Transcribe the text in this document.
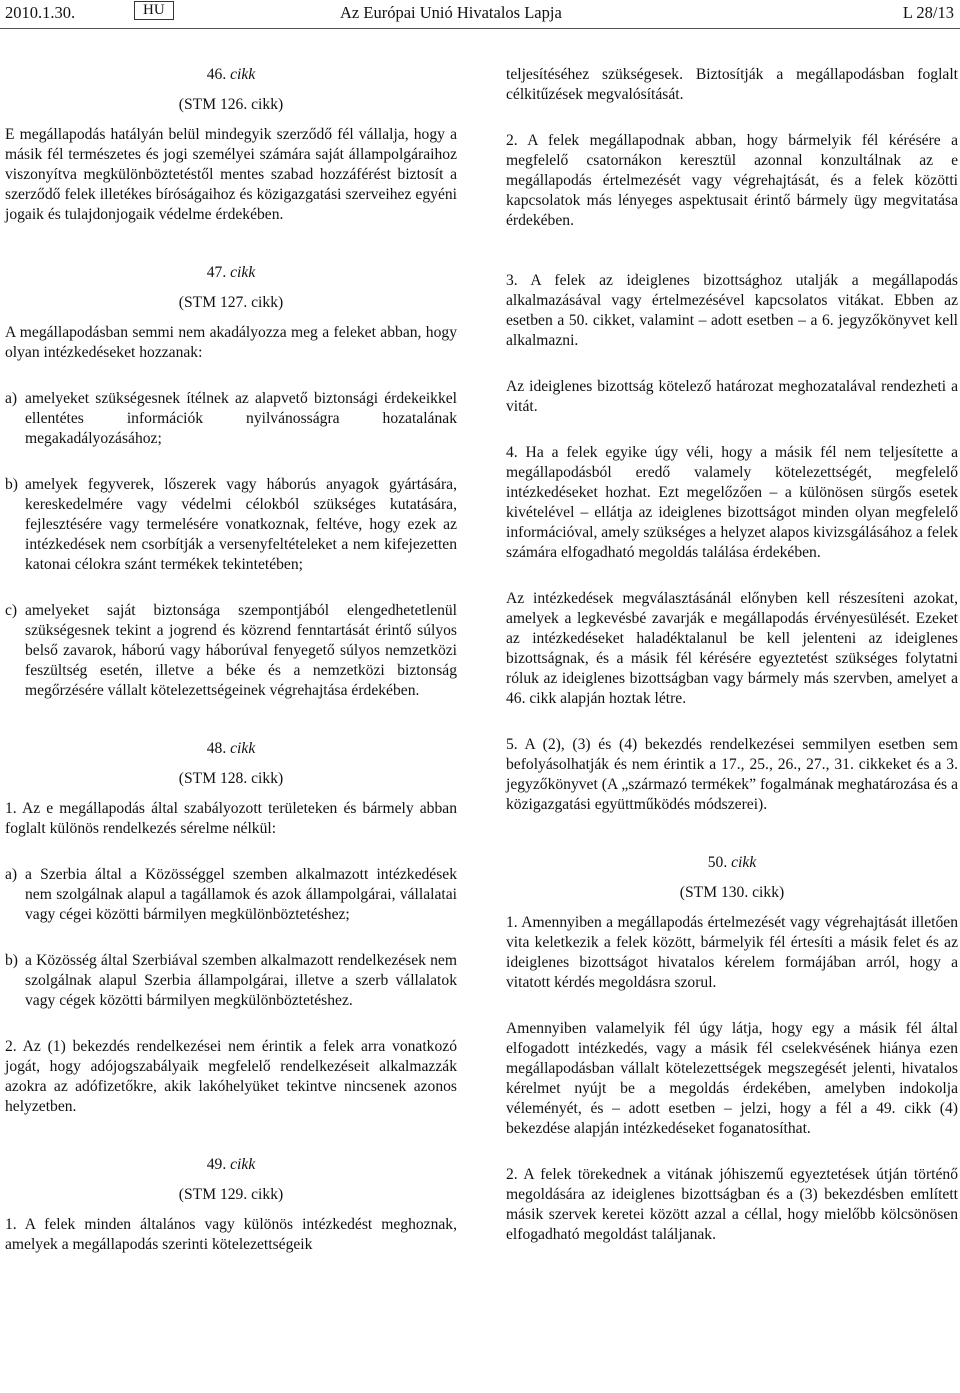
2010.1.30.	HU	Az Európai Unió Hivatalos Lapja	L 28/13

46. cikk

(STM 126. cikk)

E megállapodás hatályán belül mindegyik szerződő fél vállalja, hogy a másik fél természetes és jogi személyei számára saját állampolgáraihoz viszonyítva megkülönböztetéstől mentes szabad hozzáférést biztosít a szerződő felek illetékes bíróságaihoz és közigazgatási szerveihez egyéni jogaik és tulajdonjogaik védelme érdekében.

47. cikk

(STM 127. cikk)

A megállapodásban semmi nem akadályozza meg a feleket abban, hogy olyan intézkedéseket hozzanak:

a) amelyeket szükségesnek ítélnek az alapvető biztonsági érdekeikkel ellentétes információk nyilvánosságra hozatalának megakadályozásához;
b) amelyek fegyverek, lőszerek vagy háborús anyagok gyártására, kereskedelmére vagy védelmi célokból szükséges kutatására, fejlesztésére vagy termelésére vonatkoznak, feltéve, hogy ezek az intézkedések nem csorbítják a versenyfeltételeket a nem kifejezetten katonai célokra szánt termékek tekintetében;
c) amelyeket saját biztonsága szempontjából elengedhetetlenül szükségesnek tekint a jogrend és közrend fenntartását érintő súlyos belső zavarok, háború vagy háborúval fenyegető súlyos nemzetközi feszültség esetén, illetve a béke és a nemzetközi biztonság megőrzésére vállalt kötelezettségeinek végrehajtása érdekében.

48. cikk

(STM 128. cikk)

1. Az e megállapodás által szabályozott területeken és bármely abban foglalt különös rendelkezés sérelme nélkül:

a) a Szerbia által a Közösséggel szemben alkalmazott intézkedések nem szolgálnak alapul a tagállamok és azok állampolgárai, vállalatai vagy cégei közötti bármilyen megkülönböztetéshez;
b) a Közösség által Szerbiával szemben alkalmazott rendelkezések nem szolgálnak alapul Szerbia állampolgárai, illetve a szerb vállalatok vagy cégek közötti bármilyen megkülönböztetéshez.

2. Az (1) bekezdés rendelkezései nem érintik a felek arra vonatkozó jogát, hogy adójogszabályaik megfelelő rendelkezéseit alkalmazzák azokra az adófizetőkre, akik lakóhelyüket tekintve nincsenek azonos helyzetben.

49. cikk

(STM 129. cikk)

1. A felek minden általános vagy különös intézkedést meghoznak, amelyek a megállapodás szerinti kötelezettségeik

teljesítéséhez szükségesek. Biztosítják a megállapodásban foglalt célkitűzések megvalósítását.

2. A felek megállapodnak abban, hogy bármelyik fél kérésére a megfelelő csatornákon keresztül azonnal konzultálnak az e megállapodás értelmezését vagy végrehajtását, és a felek közötti kapcsolatok más lényeges aspektusait érintő bármely ügy megvitatása érdekében.

3. A felek az ideiglenes bizottsághoz utalják a megállapodás alkalmazásával vagy értelmezésével kapcsolatos vitákat. Ebben az esetben a 50. cikket, valamint – adott esetben – a 6. jegyzőkönyvet kell alkalmazni.

Az ideiglenes bizottság kötelező határozat meghozatalával rendezheti a vitát.

4. Ha a felek egyike úgy véli, hogy a másik fél nem teljesítette a megállapodásból eredő valamely kötelezettségét, megfelelő intézkedéseket hozhat. Ezt megelőzően – a különösen sürgős esetek kivételével – ellátja az ideiglenes bizottságot minden olyan megfelelő információval, amely szükséges a helyzet alapos kivizsgálásához a felek számára elfogadható megoldás találása érdekében.

Az intézkedések megválasztásánál előnyben kell részesíteni azokat, amelyek a legkevésbé zavarják e megállapodás érvényesülését. Ezeket az intézkedéseket haladéktalanul be kell jelenteni az ideiglenes bizottságnak, és a másik fél kérésére egyeztetést szükséges folytatni róluk az ideiglenes bizottságban vagy bármely más szervben, amelyet a 46. cikk alapján hoztak létre.

5. A (2), (3) és (4) bekezdés rendelkezései semmilyen esetben sem befolyásolhatják és nem érintik a 17., 25., 26., 27., 31. cikkeket és a 3. jegyzőkönyvet (A „származó termékek” fogalmának meghatározása és a közigazgatási együttműködés módszerei).

50. cikk

(STM 130. cikk)

1. Amennyiben a megállapodás értelmezését vagy végrehajtását illetően vita keletkezik a felek között, bármelyik fél értesíti a másik felet és az ideiglenes bizottságot hivatalos kérelem formájában arról, hogy a vitatott kérdés megoldásra szorul.

Amennyiben valamelyik fél úgy látja, hogy egy a másik fél által elfogadott intézkedés, vagy a másik fél cselekvésének hiánya ezen megállapodásban vállalt kötelezettségek megszegését jelenti, hivatalos kérelmet nyújt be a megoldás érdekében, amelyben indokolja véleményét, és – adott esetben – jelzi, hogy a fél a 49. cikk (4) bekezdése alapján intézkedéseket foganatosíthat.

2. A felek törekednek a vitának jóhiszemű egyeztetések útján történő megoldására az ideiglenes bizottságban és a (3) bekezdésben említett másik szervek keretei között azzal a céllal, hogy mielőbb kölcsönösen elfogadható megoldást találjanak.
